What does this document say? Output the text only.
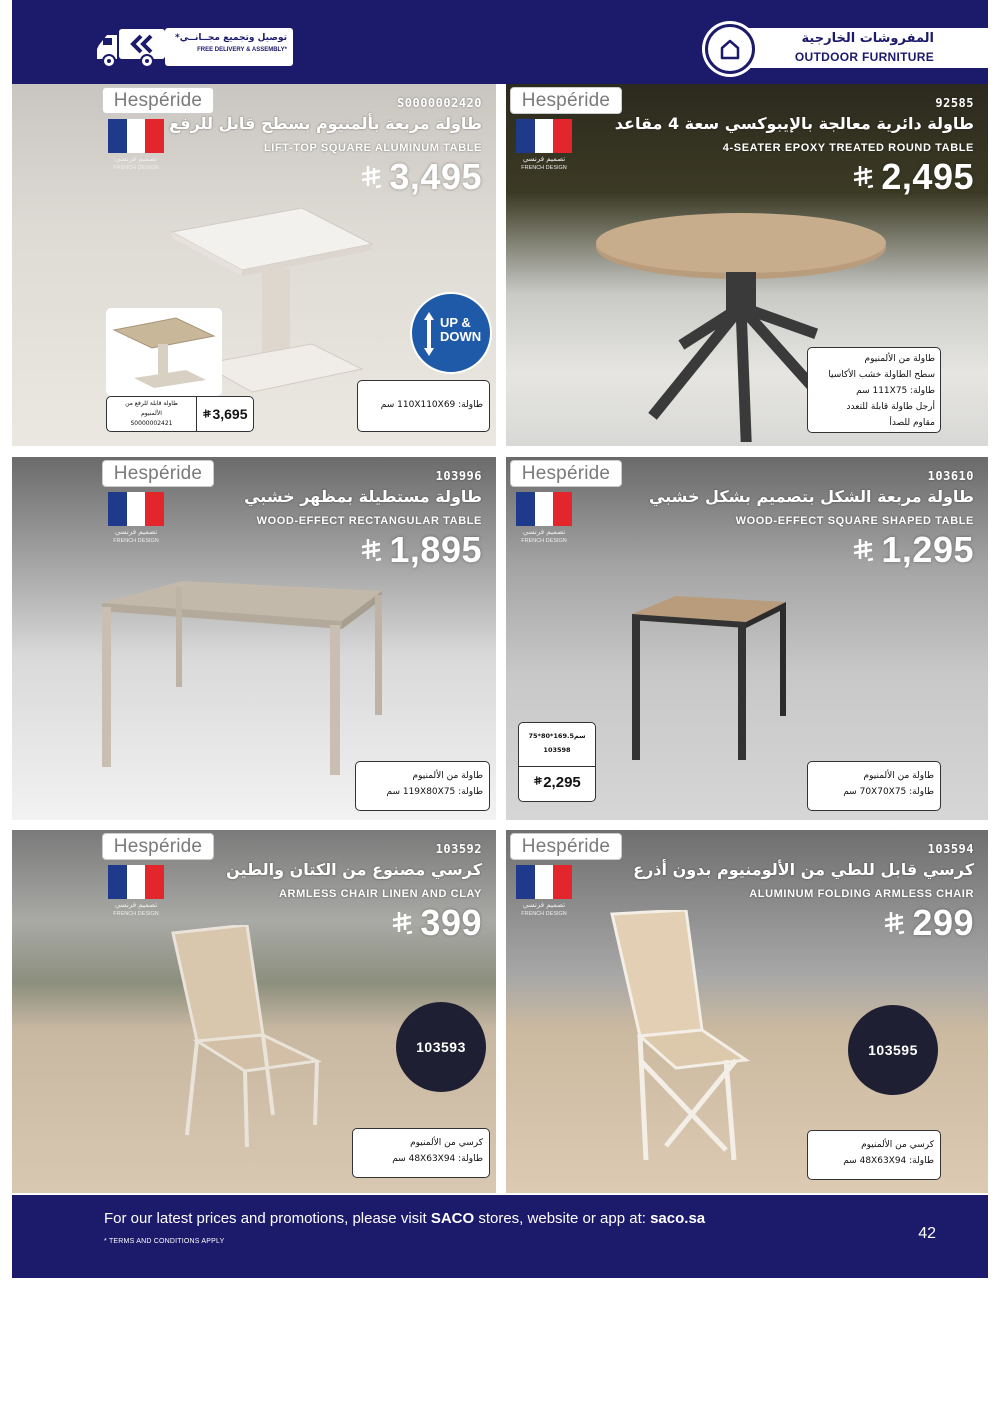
توصيل وتجميع مجــانــي*
FREE DELIVERY & ASSEMBLY*
المفروشات الخارجية
OUTDOOR FURNITURE
Hespéride
تصميم فرنسي
FRENCH DESIGN
S0000002420
طاولة مربعة بألمنيوم بسطح قابل للرفع
LIFT-TOP SQUARE ALUMINUM TABLE
3,495
طاولة قابلة للرفع من
الألمنيوم
S0000002421
3,695
UP &
DOWN
طاولة: 110X110X69 سم
Hespéride
تصميم فرنسي
FRENCH DESIGN
92585
طاولة دائرية معالجة بالإيبوكسي سعة 4 مقاعد
4-SEATER EPOXY TREATED ROUND TABLE
2,495
طاولة من الألمنيوم
سطح الطاولة خشب الأكاسيا
طاولة: 111X75 سم
أرجل طاولة قابلة للتعدد
مقاوم للصدأ
Hespéride
تصميم فرنسي
FRENCH DESIGN
103996
طاولة مستطيلة بمظهر خشبي
WOOD-EFFECT RECTANGULAR TABLE
1,895
طاولة من الألمنيوم
طاولة: 119X80X75 سم
Hespéride
تصميم فرنسي
FRENCH DESIGN
103610
طاولة مربعة الشكل بتصميم بشكل خشبي
WOOD-EFFECT SQUARE SHAPED TABLE
1,295
75*80*169.5سم
103598
2,295	طاولة من الألمنيوم
طاولة: 70X70X75 سم
Hespéride
تصميم فرنسي
FRENCH DESIGN
103592
كرسي مصنوع من الكتان والطين
ARMLESS CHAIR LINEN AND CLAY
399
103593
كرسي من الألمنيوم
طاولة: 48X63X94 سم
Hespéride
تصميم فرنسي
FRENCH DESIGN
103594
كرسي قابل للطي من الألومنيوم بدون أذرع
ALUMINUM FOLDING ARMLESS CHAIR
299
103595
كرسي من الألمنيوم
طاولة: 48X63X94 سم
For our latest prices and promotions, please visit SACO stores, website or app at: saco.sa
* TERMS AND CONDITIONS APPLY	42
